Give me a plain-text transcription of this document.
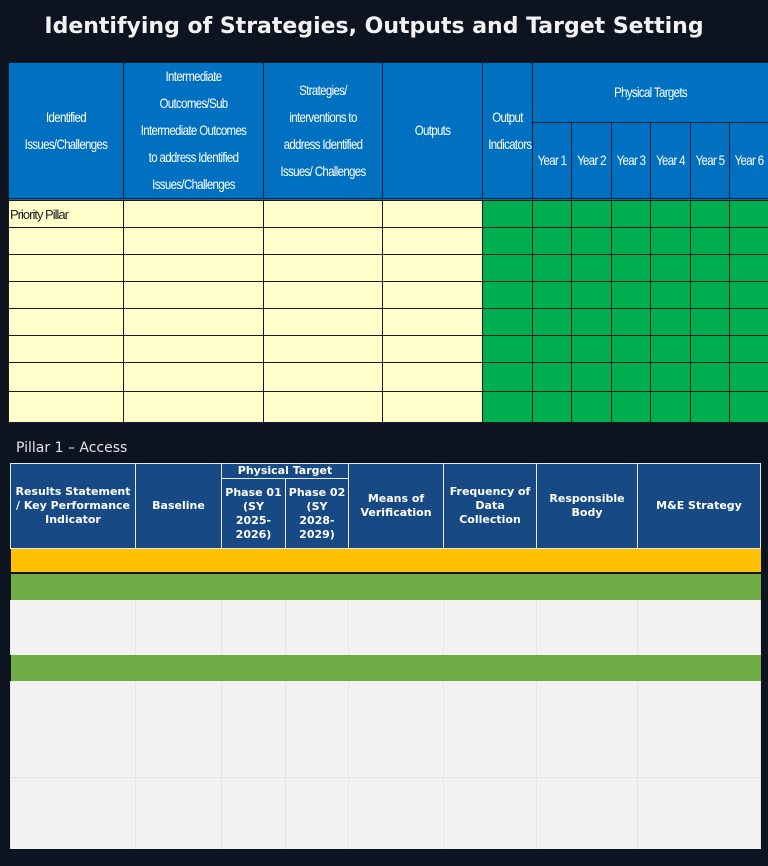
Identifying of Strategies, Outputs and Target Setting
Identified Issues/Challenges	Intermediate Outcomes/Sub Intermediate Outcomes to address Identified Issues/Challenges	Strategies/ interventions to address Identified Issues/ Challenges	Outputs	Output Indicators	Physical Targets					

					Year 1	Year 2	Year 3	Year 4	Year 5	Year 6

Priority Pillar										

Pillar 1 – Access
Results Statement / Key Performance Indicator	Baseline	Physical Target		Means of Verification	Frequency of Data Collection	Responsible Body	M&E Strategy
		Phase 01 (SY 2025-2026)	Phase 02 (SY 2028-2029)				
